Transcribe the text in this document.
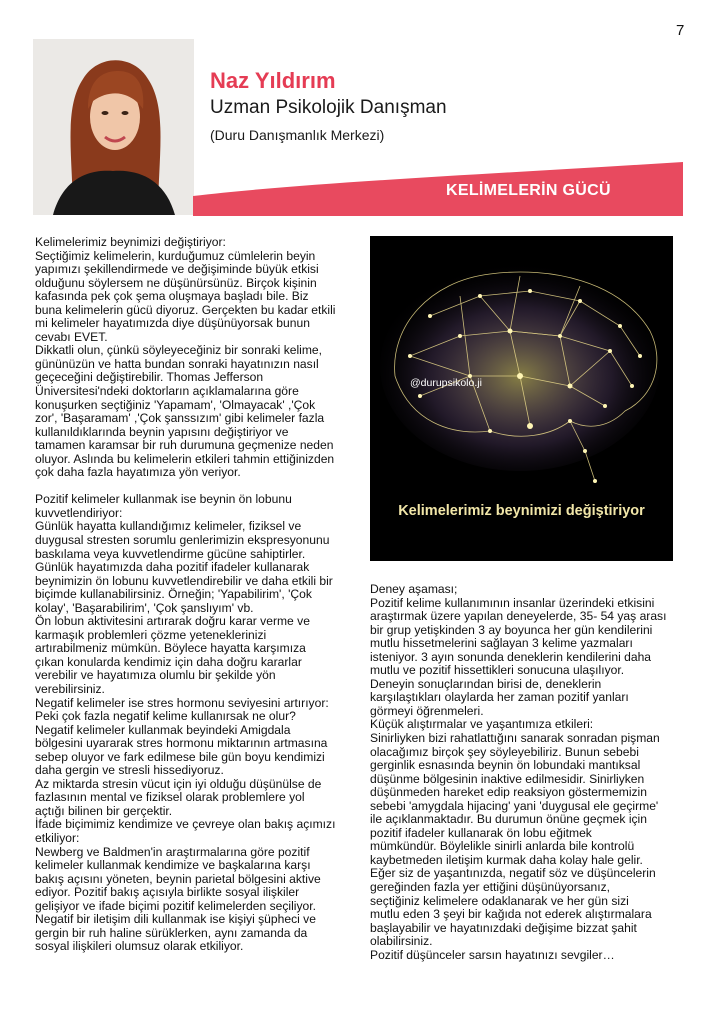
7
Naz Yıldırım
Uzman Psikolojik Danışman
(Duru Danışmanlık Merkezi)
KELİMELERİN GÜCÜ
Kelimelerimiz beynimizi değiştiriyor:
Seçtiğimiz kelimelerin, kurduğumuz cümlelerin beyin
yapımızı şekillendirmede ve değişiminde büyük etkisi
olduğunu söylersem ne düşünürsünüz. Birçok kişinin
kafasında pek çok şema oluşmaya başladı bile. Biz
buna kelimelerin gücü diyoruz. Gerçekten bu kadar etkili
mi kelimeler hayatımızda diye düşünüyorsak bunun
cevabı EVET.
Dikkatli olun, çünkü söyleyeceğiniz bir sonraki kelime,
gününüzün ve hatta bundan sonraki hayatınızın nasıl
geçeceğini değiştirebilir. Thomas Jefferson
Üniversitesi'ndeki doktorların açıklamalarına göre
konuşurken seçtiğiniz 'Yapamam', 'Olmayacak' ,'Çok
zor', 'Başaramam' ,'Çok şanssızım' gibi kelimeler fazla
kullanıldıklarında beynin yapısını değiştiriyor ve
tamamen karamsar bir ruh durumuna geçmenize neden
oluyor. Aslında bu kelimelerin etkileri tahmin ettiğinizden
çok daha fazla hayatımıza yön veriyor.
Pozitif kelimeler kullanmak ise beynin ön lobunu
kuvvetlendiriyor:
Günlük hayatta kullandığımız kelimeler, fiziksel ve
duygusal stresten sorumlu genlerimizin ekspresyonunu
baskılama veya kuvvetlendirme gücüne sahiptirler.
Günlük hayatımızda daha pozitif ifadeler kullanarak
beynimizin ön lobunu kuvvetlendirebilir ve daha etkili bir
biçimde kullanabilirsiniz. Örneğin; 'Yapabilirim', 'Çok
kolay', 'Başarabilirim', 'Çok şanslıyım' vb.
Ön lobun aktivitesini artırarak doğru karar verme ve
karmaşık problemleri çözme yeteneklerinizi
artırabilmeniz mümkün. Böylece hayatta karşımıza
çıkan konularda kendimiz için daha doğru kararlar
verebilir ve hayatımıza olumlu bir şekilde yön
verebilirsiniz.
Negatif kelimeler ise stres hormonu seviyesini artırıyor:
Peki çok fazla negatif kelime kullanırsak ne olur?
Negatif kelimeler kullanmak beyindeki Amigdala
bölgesini uyararak stres hormonu miktarının artmasına
sebep oluyor ve fark edilmese bile gün boyu kendimizi
daha gergin ve stresli hissediyoruz.
Az miktarda stresin vücut için iyi olduğu düşünülse de
fazlasının mental ve fiziksel olarak problemlere yol
açtığı bilinen bir gerçektir.
İfade biçimimiz kendimize ve çevreye olan bakış açımızı
etkiliyor:
Newberg ve Baldmen'in araştırmalarına göre pozitif
kelimeler kullanmak kendimize ve başkalarına karşı
bakış açısını yöneten, beynin parietal bölgesini aktive
ediyor. Pozitif bakış açısıyla birlikte sosyal ilişkiler
gelişiyor ve ifade biçimi pozitif kelimelerden seçiliyor.
Negatif bir iletişim dili kullanmak ise kişiyi şüpheci ve
gergin bir ruh haline sürüklerken, aynı zamanda da
sosyal ilişkileri olumsuz olarak etkiliyor.
@durupsikolo.ji
Kelimelerimiz beynimizi değiştiriyor
Deney aşaması;
Pozitif kelime kullanımının insanlar üzerindeki etkisini
araştırmak üzere yapılan deneyelerde, 35- 54 yaş arası
bir grup yetişkinden 3 ay boyunca her gün kendilerini
mutlu hissetmelerini sağlayan 3 kelime yazmaları
isteniyor. 3 ayın sonunda deneklerin kendilerini daha
mutlu ve pozitif hissettikleri sonucuna ulaşılıyor.
Deneyin sonuçlarından birisi de, deneklerin
karşılaştıkları olaylarda her zaman pozitif yanları
görmeyi öğrenmeleri.
Küçük alıştırmalar ve yaşantımıza etkileri:
Sinirliyken bizi rahatlattığını sanarak sonradan pişman
olacağımız birçok şey söyleyebiliriz. Bunun sebebi
gerginlik esnasında beynin ön lobundaki mantıksal
düşünme bölgesinin inaktive edilmesidir. Sinirliyken
düşünmeden hareket edip reaksiyon göstermemizin
sebebi 'amygdala hijacing' yani 'duygusal ele geçirme'
ile açıklanmaktadır. Bu durumun önüne geçmek için
pozitif ifadeler kullanarak ön lobu eğitmek
mümkündür. Böylelikle sinirli anlarda bile kontrolü
kaybetmeden iletişim kurmak daha kolay hale gelir.
Eğer siz de yaşantınızda, negatif söz ve düşüncelerin
gereğinden fazla yer ettiğini düşünüyorsanız,
seçtiğiniz kelimelere odaklanarak ve her gün sizi
mutlu eden 3 şeyi bir kağıda not ederek alıştırmalara
başlayabilir ve hayatınızdaki değişime bizzat şahit
olabilirsiniz.
Pozitif düşünceler sarsın hayatınızı sevgiler…
